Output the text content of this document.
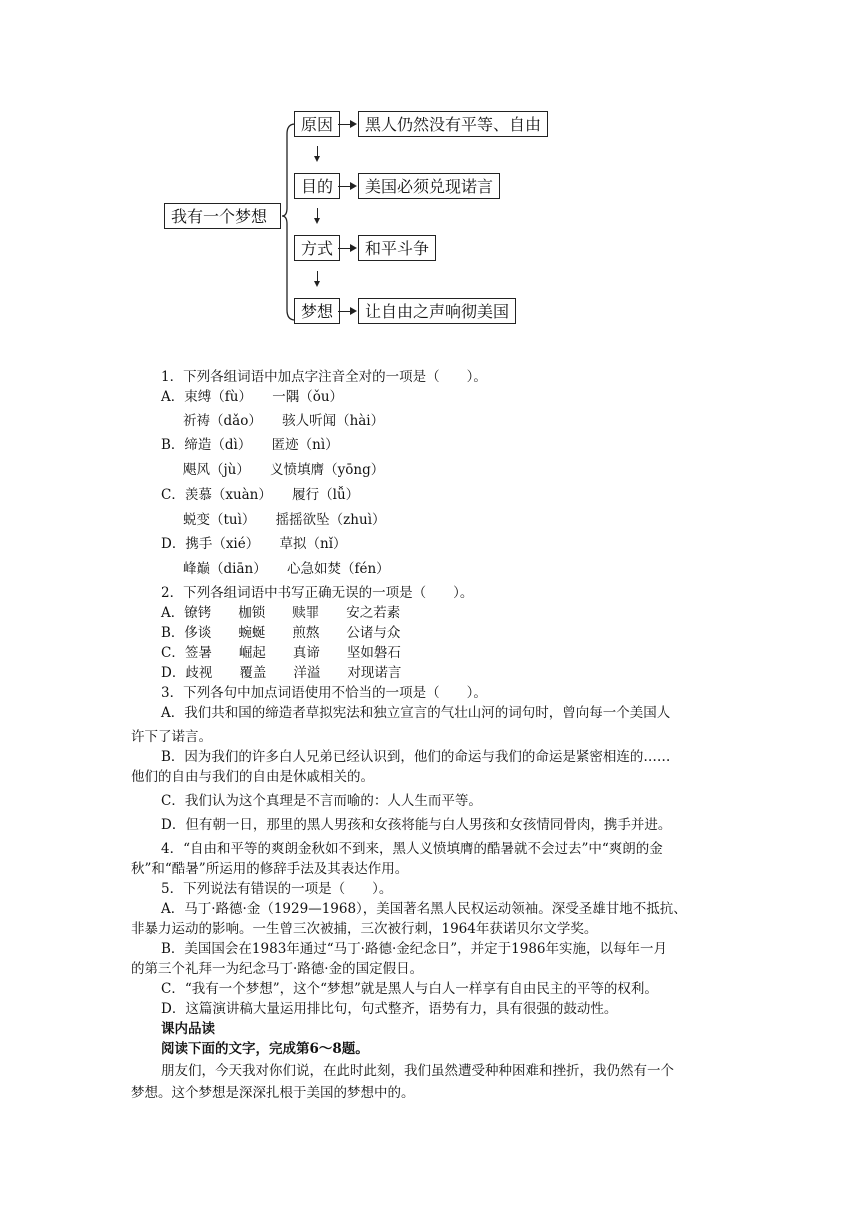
我有一个梦想
原因	黑人仍然没有平等、自由
目的	美国必须兑现诺言
方式	和平斗争
梦想	让自由之声响彻美国
1．下列各组词语中加点字注音全对的一项是（　　）。
A．束缚（fù）　　一隅（ǒu）
祈祷（dǎo）　　骇人听闻（hài）
B．缔造（dì）　　匿迹（nì）
飓风（jù）　　义愤填膺（yōng）
C．羡慕（xuàn）　　履行（lǚ）
蜕变（tuì）　　摇摇欲坠（zhuì）
D．携手（xié）　　草拟（nǐ）
峰巅（diān）　　心急如焚（fén）
2．下列各组词语中书写正确无误的一项是（　　）。
A．镣铐　　枷锁　　赎罪　　安之若素
B．侈谈　　蜿蜒　　煎熬　　公诸与众
C．签暑　　崛起　　真谛　　坚如磐石
D．歧视　　覆盖　　洋溢　　对现诺言
3．下列各句中加点词语使用不恰当的一项是（　　）。
A．我们共和国的缔造者草拟宪法和独立宣言的气壮山河的词句时，曾向每一个美国人
许下了诺言。
B．因为我们的许多白人兄弟已经认识到，他们的命运与我们的命运是紧密相连的……
他们的自由与我们的自由是休戚相关的。
C．我们认为这个真理是不言而喻的：人人生而平等。
D．但有朝一日，那里的黑人男孩和女孩将能与白人男孩和女孩情同骨肉，携手并进。
4．“自由和平等的爽朗金秋如不到来，黑人义愤填膺的酷暑就不会过去”中“爽朗的金
秋”和“酷暑”所运用的修辞手法及其表达作用。
5．下列说法有错误的一项是（　　）。
A．马丁·路德·金（1929—1968），美国著名黑人民权运动领袖。深受圣雄甘地不抵抗、
非暴力运动的影响。一生曾三次被捕，三次被行刺，1964年获诺贝尔文学奖。
B．美国国会在1983年通过“马丁·路德·金纪念日”，并定于1986年实施，以每年一月
的第三个礼拜一为纪念马丁·路德·金的国定假日。
C．“我有一个梦想”，这个“梦想”就是黑人与白人一样享有自由民主的平等的权利。
D．这篇演讲稿大量运用排比句，句式整齐，语势有力，具有很强的鼓动性。
课内品读
阅读下面的文字，完成第6～8题。
朋友们，今天我对你们说，在此时此刻，我们虽然遭受种种困难和挫折，我仍然有一个
梦想。这个梦想是深深扎根于美国的梦想中的。
